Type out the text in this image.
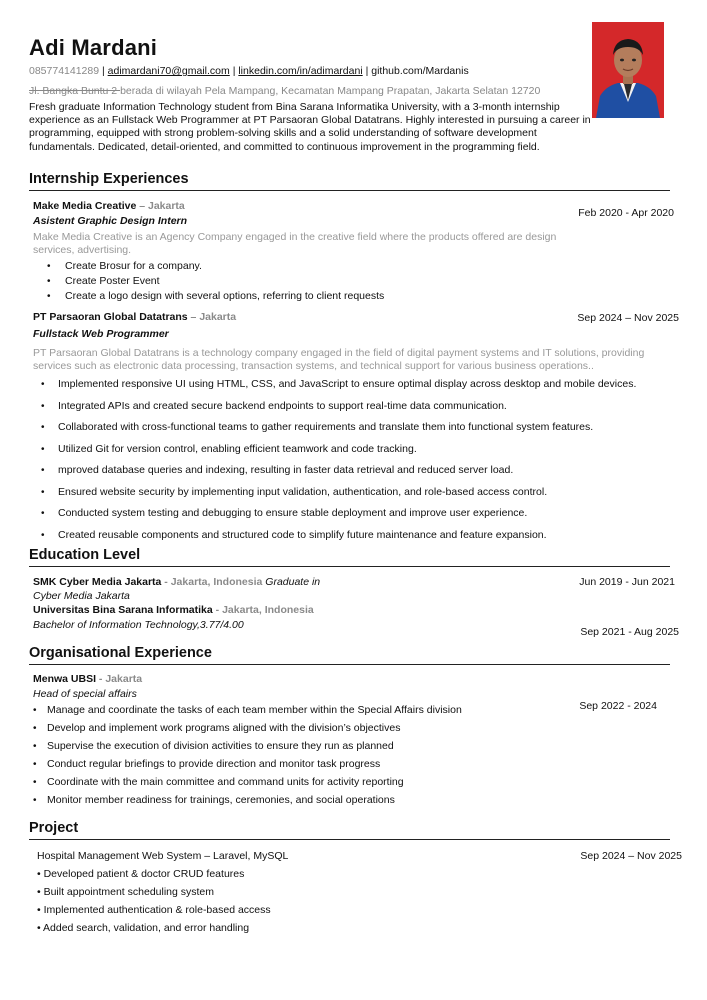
Adi Mardani
085774141289 | adimardani70@gmail.com | linkedin.com/in/adimardani | github.com/Mardanis
Jl. Bangka Buntu 2 berada di wilayah Pela Mampang, Kecamatan Mampang Prapatan, Jakarta Selatan 12720
Fresh graduate Information Technology student from Bina Sarana Informatika University, with a 3-month internship experience as an Fullstack Web Programmer at PT Parsaoran Global Datatrans. Highly interested in pursuing a career in programming, equipped with strong problem-solving skills and a solid understanding of software development fundamentals. Dedicated, detail-oriented, and committed to continuous improvement in the programming field.
Internship Experiences
Make Media Creative – Jakarta
Feb 2020 - Apr 2020
Asistent Graphic Design Intern
Make Media Creative is an Agency Company engaged in the creative field where the products offered are design services, advertising.
• Create Brosur for a company.
• Create Poster Event
• Create a logo design with several options, referring to client requests
PT Parsaoran Global Datatrans – Jakarta	Sep 2024 – Nov 2025
Fullstack Web Programmer
PT Parsaoran Global Datatrans is a technology company engaged in the field of digital payment systems and IT solutions, providing services such as electronic data processing, transaction systems, and technical support for various business operations..
• Implemented responsive UI using HTML, CSS, and JavaScript to ensure optimal display across desktop and mobile devices.
• Integrated APIs and created secure backend endpoints to support real-time data communication.
• Collaborated with cross-functional teams to gather requirements and translate them into functional system features.
• Utilized Git for version control, enabling efficient teamwork and code tracking.
• mproved database queries and indexing, resulting in faster data retrieval and reduced server load.
• Ensured website security by implementing input validation, authentication, and role-based access control.
• Conducted system testing and debugging to ensure stable deployment and improve user experience.
• Created reusable components and structured code to simplify future maintenance and feature expansion.
Education Level
SMK Cyber Media Jakarta - Jakarta, Indonesia Graduate in	Jun 2019 - Jun 2021
Cyber Media Jakarta
Universitas Bina Sarana Informatika - Jakarta, Indonesia
Bachelor of Information Technology,3.77/4.00
Sep 2021 - Aug 2025
Organisational Experience
Menwa UBSI - Jakarta
Head of special affairs
Sep 2022 - 2024
• Manage and coordinate the tasks of each team member within the Special Affairs division
• Develop and implement work programs aligned with the division’s objectives
• Supervise the execution of division activities to ensure they run as planned
• Conduct regular briefings to provide direction and monitor task progress
• Coordinate with the main committee and command units for activity reporting
• Monitor member readiness for trainings, ceremonies, and social operations
Project
Hospital Management Web System – Laravel, MySQL	Sep 2024 – Nov 2025
• Developed patient & doctor CRUD features
• Built appointment scheduling system
• Implemented authentication & role-based access
• Added search, validation, and error handling
